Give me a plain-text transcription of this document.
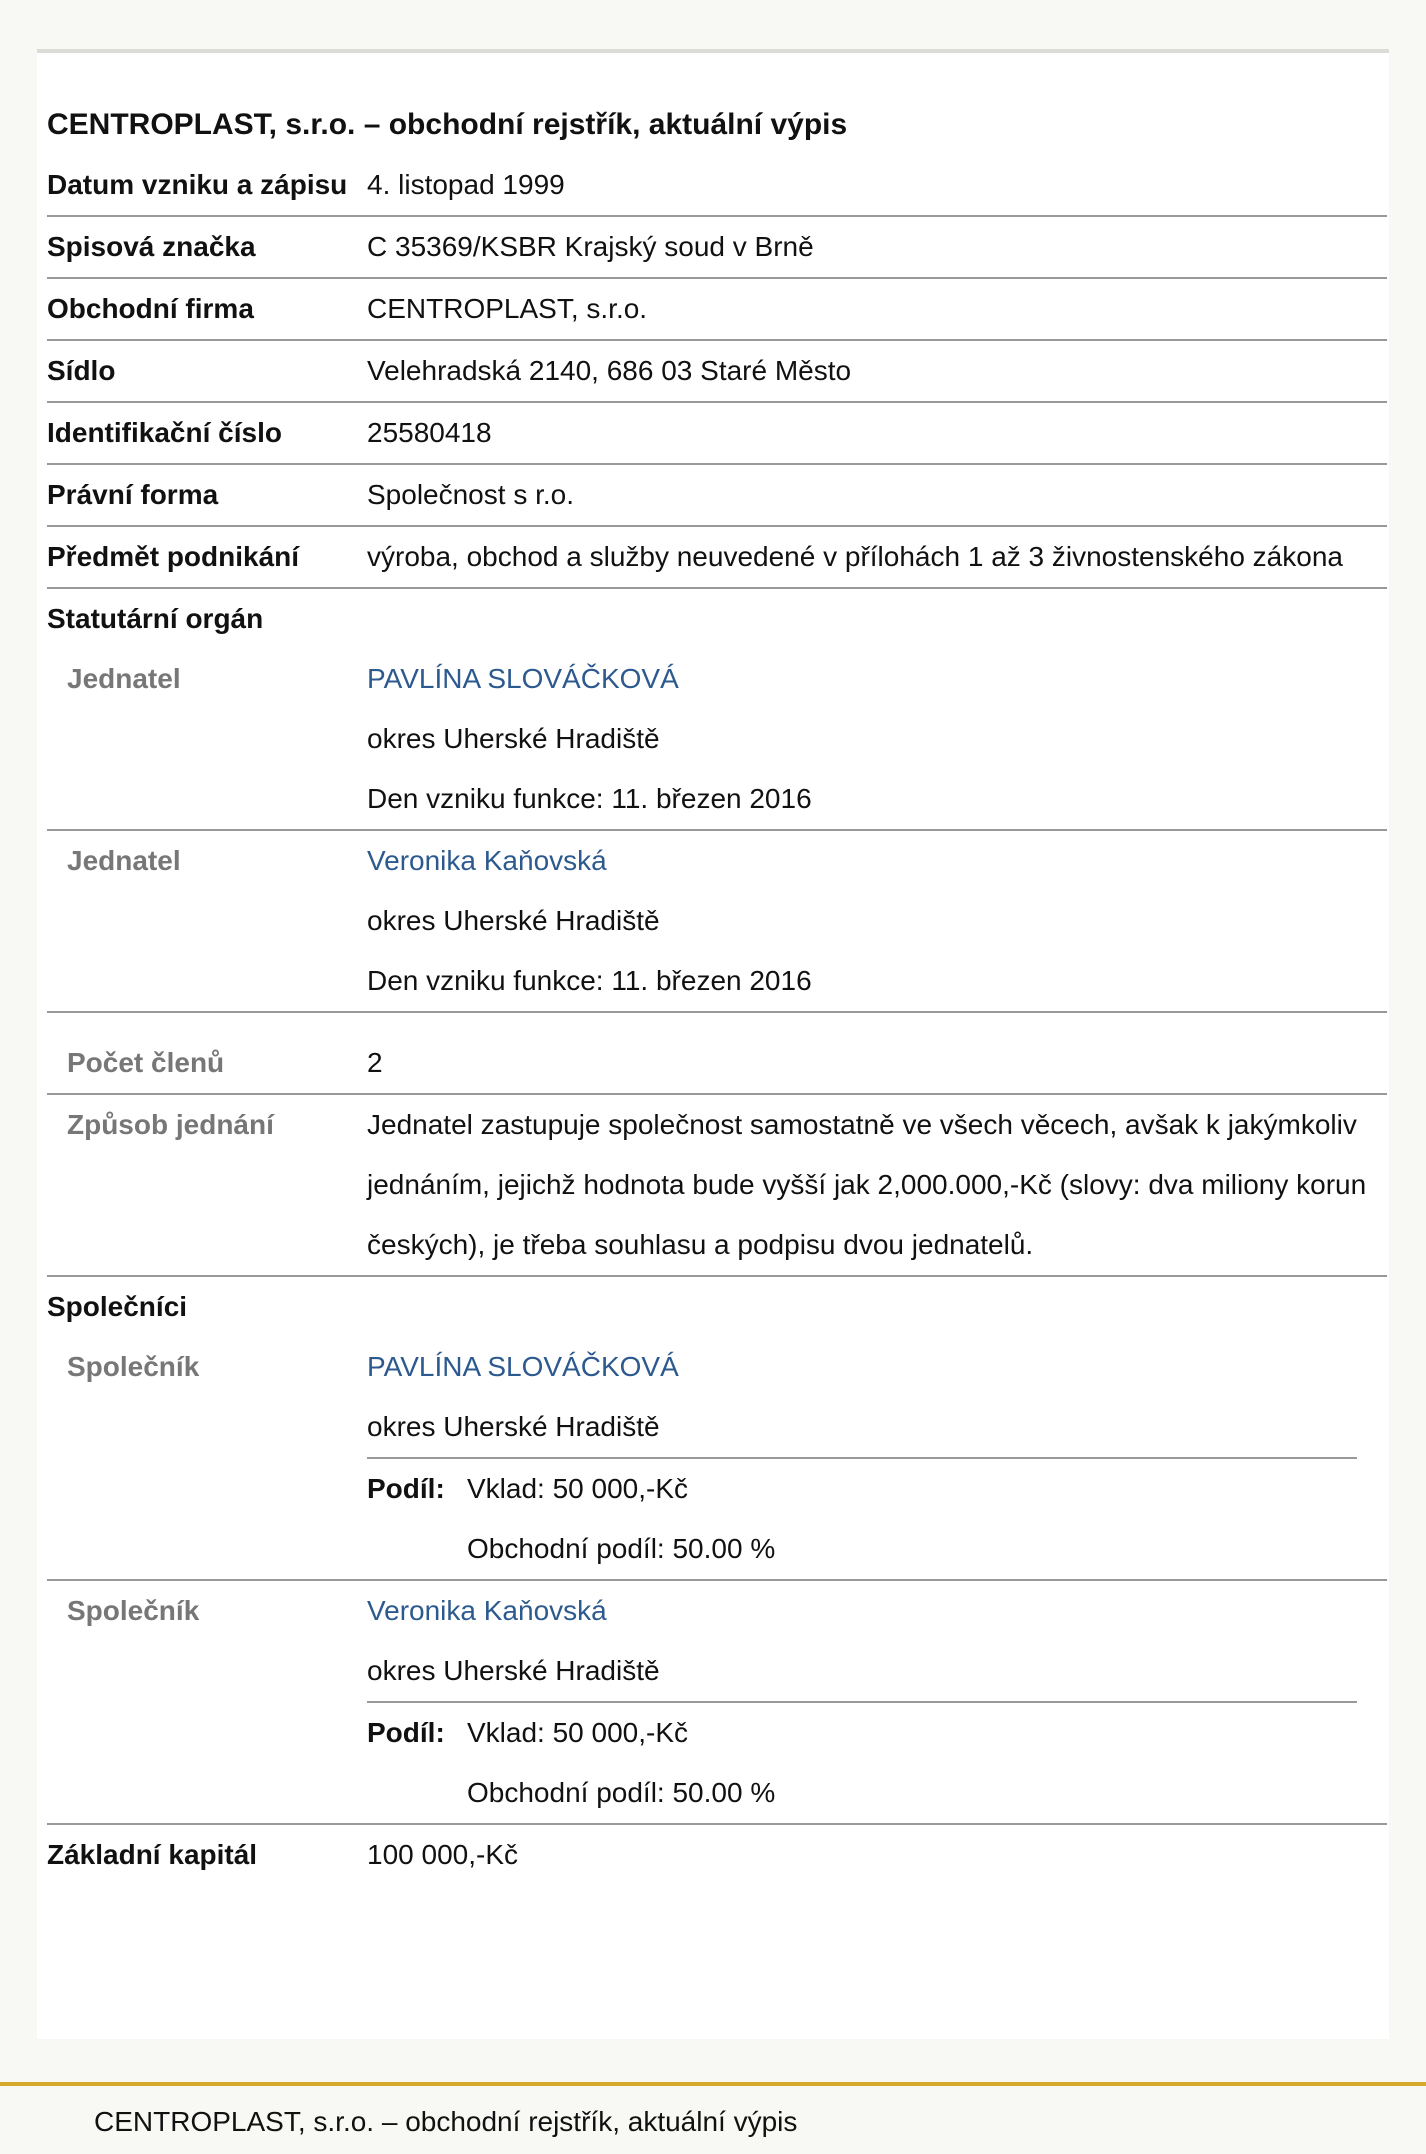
CENTROPLAST, s.r.o. – obchodní rejstřík, aktuální výpis
Datum vzniku a zápisu	4. listopad 1999
Spisová značka	C 35369/KSBR Krajský soud v Brně
Obchodní firma	CENTROPLAST, s.r.o.
Sídlo	Velehradská 2140, 686 03 Staré Město
Identifikační číslo	25580418
Právní forma	Společnost s r.o.
Předmět podnikání	výroba, obchod a služby neuvedené v přílohách 1 až 3 živnostenského zákona
Statutární orgán
Jednatel	PAVLÍNA SLOVÁČKOVÁ
okres Uherské Hradiště
Den vzniku funkce: 11. březen 2016

Jednatel	Veronika Kaňovská
okres Uherské Hradiště
Den vzniku funkce: 11. březen 2016

Počet členů	2
Způsob jednání	Jednatel zastupuje společnost samostatně ve všech věcech, avšak k jakýmkoliv jednáním, jejichž hodnota bude vyšší jak 2,000.000,-Kč (slovy: dva miliony korun českých), je třeba souhlasu a podpisu dvou jednatelů.
Společníci
Společník	PAVLÍNA SLOVÁČKOVÁ
okres Uherské Hradiště
Podíl:	Vklad: 50 000,-Kč
Obchodní podíl: 50.00 %

Společník	Veronika Kaňovská
okres Uherské Hradiště
Podíl:	Vklad: 50 000,-Kč
Obchodní podíl: 50.00 %

Základní kapitál	100 000,-Kč
CENTROPLAST, s.r.o. – obchodní rejstřík, aktuální výpis
